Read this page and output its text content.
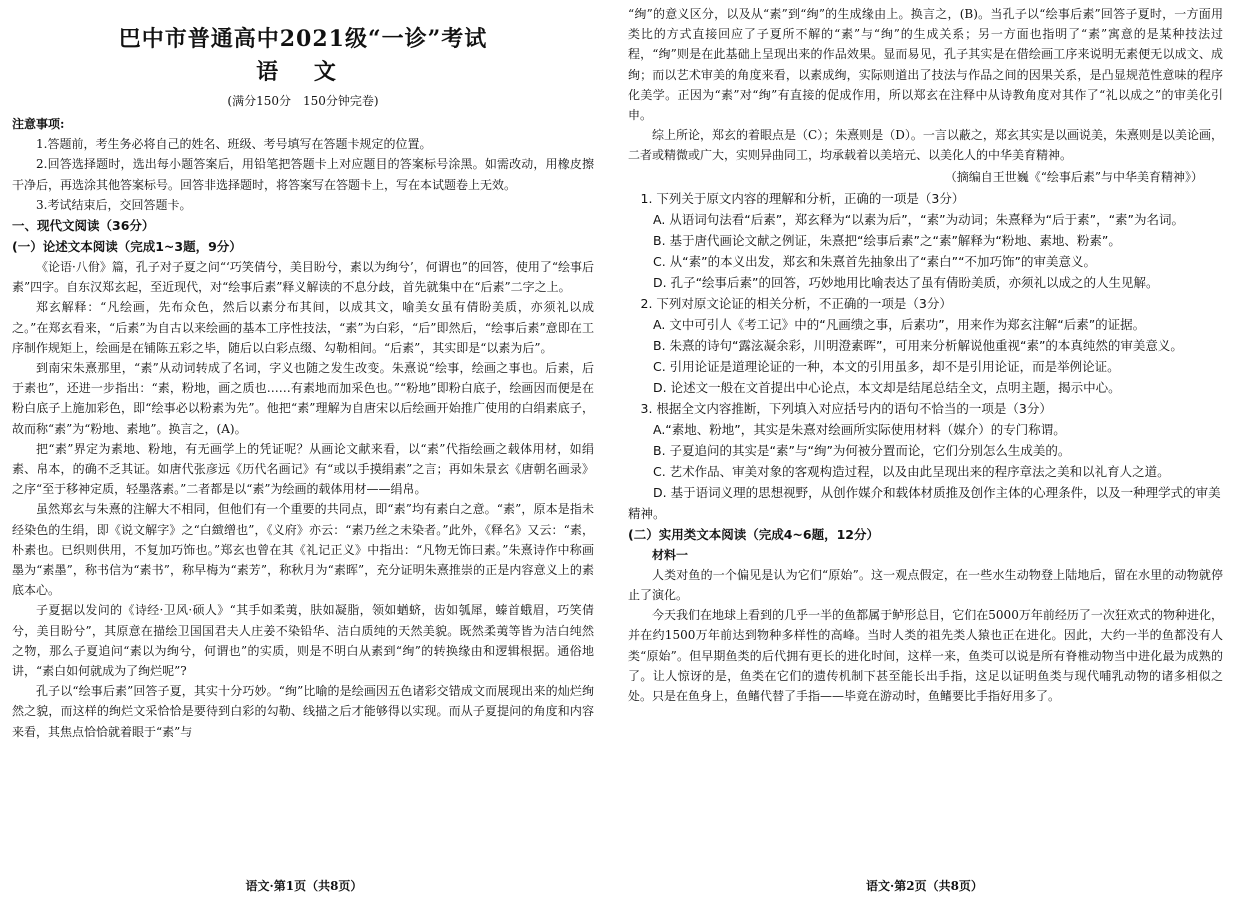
巴中市普通高中2021级“一诊”考试
语 文
(满分150分　150分钟完卷)

注意事项:

1.答题前，考生务必将自己的姓名、班级、考号填写在答题卡规定的位置。

2.回答选择题时，选出每小题答案后，用铅笔把答题卡上对应题目的答案标号涂黑。如需改动，用橡皮擦干净后，再选涂其他答案标号。回答非选择题时，将答案写在答题卡上，写在本试题卷上无效。

3.考试结束后，交回答题卡。

一、现代文阅读（36分）

(一）论述文本阅读（完成1~3题，9分）

《论语·八佾》篇，孔子对子夏之问“‘巧笑倩兮，美目盼兮，素以为绚兮’，何谓也”的回答，使用了“绘事后素”四字。自东汉郑玄起，至近现代，对“绘事后素”释义解读的不息分歧，首先就集中在“后素”二字之上。

郑玄解释：“凡绘画，先布众色，然后以素分布其间，以成其文，喻美女虽有倩盼美质，亦须礼以成之。”在郑玄看来，“后素”为自古以来绘画的基本工序性技法，“素”为白彩，“后”即然后，“绘事后素”意即在工序制作规矩上，绘画是在铺陈五彩之毕，随后以白彩点缀、勾勒相间。“后素”，其实即是“以素为后”。

到南宋朱熹那里，“素”从动词转成了名词，字义也随之发生改变。朱熹说“绘事，绘画之事也。后素，后于素也”，还进一步指出：“素，粉地，画之质也……有素地而加采色也。”“粉地”即粉白底子，绘画因而便是在粉白底子上施加彩色，即“绘事必以粉素为先”。他把“素”理解为自唐宋以后绘画开始推广使用的白绢素底子，故而称“素”为“粉地、素地”。换言之，(A)。

把“素”界定为素地、粉地，有无画学上的凭证呢？从画论文献来看，以“素”代指绘画之载体用材，如绢素、帛本，的确不乏其证。如唐代张彦远《历代名画记》有“或以手摸绢素”之言；再如朱景玄《唐朝名画录》之序“至于移神定质，轻墨落素。”二者都是以“素”为绘画的载体用材——绢帛。

虽然郑玄与朱熹的注解大不相同，但他们有一个重要的共同点，即“素”均有素白之意。“素”，原本是指未经染色的生绢，即《说文解字》之“白緻缯也”，《义府》亦云：“素乃丝之未染者。”此外，《释名》又云：“素，朴素也。已织则供用，不复加巧饰也。”郑玄也曾在其《礼记正义》中指出：“凡物无饰曰素。”朱熹诗作中称画墨为“素墨”，称书信为“素书”，称早梅为“素芳”，称秋月为“素晖”，充分证明朱熹推崇的正是内容意义上的素底本心。

子夏据以发问的《诗经·卫风·硕人》“其手如柔荑，肤如凝脂，领如蝤蛴，齿如瓠犀，螓首蛾眉，巧笑倩兮，美目盼兮”，其原意在描绘卫国国君夫人庄姜不染铅华、洁白质纯的天然美貌。既然柔荑等皆为洁白纯然之物，那么子夏追问“素以为绚兮，何谓也”的实质，则是不明白从素到“绚”的转换缘由和逻辑根据。通俗地讲，“素白如何就成为了绚烂呢”?

孔子以“绘事后素”回答子夏，其实十分巧妙。“绚”比喻的是绘画因五色诸彩交错成文而展现出来的灿烂绚然之貌，而这样的绚烂文采恰恰是要待到白彩的勾勒、线描之后才能够得以实现。而从子夏提问的角度和内容来看，其焦点恰恰就着眼于“素”与

语文·第1页（共8页）

“绚”的意义区分，以及从“素”到“绚”的生成缘由上。换言之，(B)。当孔子以“绘事后素”回答子夏时，一方面用类比的方式直接回应了子夏所不解的“素”与“绚”的生成关系；另一方面也指明了“素”寓意的是某种技法过程，“绚”则是在此基础上呈现出来的作品效果。显而易见，孔子其实是在借绘画工序来说明无素便无以成文、成绚；而以艺术审美的角度来看，以素成绚，实际则道出了技法与作品之间的因果关系，是凸显规范性意味的程序化美学。正因为“素”对“绚”有直接的促成作用，所以郑玄在注释中从诗教角度对其作了“礼以成之”的审美化引申。

综上所论，郑玄的着眼点是（C）；朱熹则是（D）。一言以蔽之，郑玄其实是以画说美，朱熹则是以美论画，二者或精微或广大，实则异曲同工，均承载着以美培元、以美化人的中华美育精神。

（摘编自王世巍《“绘事后素”与中华美育精神》）

1. 下列关于原文内容的理解和分析，正确的一项是（3分）

A. 从语词句法看“后素”，郑玄释为“以素为后”，“素”为动词；朱熹释为“后于素”，“素”为名词。

B. 基于唐代画论文献之例证，朱熹把“绘事后素”之“素”解释为“粉地、素地、粉素”。

C. 从“素”的本义出发，郑玄和朱熹首先抽象出了“素白”“不加巧饰”的审美意义。

D. 孔子“绘事后素”的回答，巧妙地用比喻表达了虽有倩盼美质，亦须礼以成之的人生见解。

2. 下列对原文论证的相关分析，不正确的一项是（3分）

A. 文中可引人《考工记》中的“凡画缋之事，后素功”，用来作为郑玄注解“后素”的证据。

B. 朱熹的诗句“露泫凝余彩，川明澄素晖”，可用来分析解说他重视“素”的本真纯然的审美意义。

C. 引用论证是道理论证的一种，本文的引用虽多，却不是引用论证，而是举例论证。

D. 论述文一般在文首提出中心论点，本文却是结尾总结全文，点明主题，揭示中心。

3. 根据全文内容推断，下列填入对应括号内的语句不恰当的一项是（3分）

A.“素地、粉地”，其实是朱熹对绘画所实际使用材料（媒介）的专门称谓。

B. 子夏追问的其实是“素”与“绚”为何被分置而论，它们分别怎么生成美的。

C. 艺术作品、审美对象的客观构造过程，以及由此呈现出来的程序章法之美和以礼育人之道。

D. 基于语词义理的思想视野，从创作媒介和载体材质推及创作主体的心理条件，以及一种理学式的审美精神。

(二）实用类文本阅读（完成4~6题，12分）

材料一

人类对鱼的一个偏见是认为它们“原始”。这一观点假定，在一些水生动物登上陆地后，留在水里的动物就停止了演化。

今天我们在地球上看到的几乎一半的鱼都属于鲈形总目，它们在5000万年前经历了一次狂欢式的物种进化，并在约1500万年前达到物种多样性的高峰。当时人类的祖先类人猿也正在进化。因此，大约一半的鱼都没有人类“原始”。但早期鱼类的后代拥有更长的进化时间，这样一来，鱼类可以说是所有脊椎动物当中进化最为成熟的了。让人惊讶的是，鱼类在它们的遗传机制下甚至能长出手指，这足以证明鱼类与现代哺乳动物的诸多相似之处。只是在鱼身上，鱼鳍代替了手指——毕竟在游动时，鱼鳍要比手指好用多了。

语文·第2页（共8页）
